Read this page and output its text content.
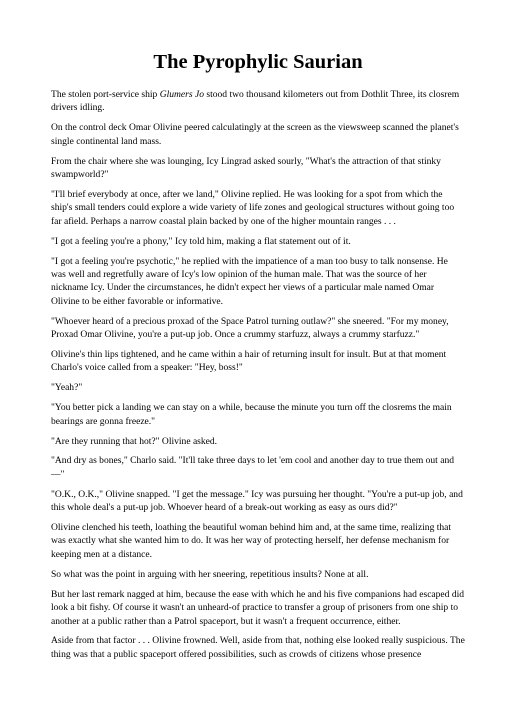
The Pyrophylic Saurian

The stolen port-service ship Glumers Jo stood two thousand kilometers out from Dothlit Three, its closrem drivers idling.

On the control deck Omar Olivine peered calculatingly at the screen as the viewsweep scanned the planet's single continental land mass.

From the chair where she was lounging, Icy Lingrad asked sourly, "What's the attraction of that stinky swampworld?"

"I'll brief everybody at once, after we land," Olivine replied. He was looking for a spot from which the ship's small tenders could explore a wide variety of life zones and geological structures without going too far afield. Perhaps a narrow coastal plain backed by one of the higher mountain ranges . . .

"I got a feeling you're a phony," Icy told him, making a flat statement out of it.

"I got a feeling you're psychotic," he replied with the impatience of a man too busy to talk nonsense. He was well and regretfully aware of Icy's low opinion of the human male. That was the source of her nickname Icy. Under the circumstances, he didn't expect her views of a particular male named Omar Olivine to be either favorable or informative.

"Whoever heard of a precious proxad of the Space Patrol turning outlaw?" she sneered. "For my money, Proxad Omar Olivine, you're a put-up job. Once a crummy starfuzz, always a crummy starfuzz."

Olivine's thin lips tightened, and he came within a hair of returning insult for insult. But at that moment Charlo's voice called from a speaker: "Hey, boss!"

"Yeah?"

"You better pick a landing we can stay on a while, because the minute you turn off the closrems the main bearings are gonna freeze."

"Are they running that hot?" Olivine asked.

"And dry as bones," Charlo said. "It'll take three days to let 'em cool and another day to true them out and—"

"O.K., O.K.," Olivine snapped. "I get the message." Icy was pursuing her thought. "You're a put-up job, and this whole deal's a put-up job. Whoever heard of a break-out working as easy as ours did?"

Olivine clenched his teeth, loathing the beautiful woman behind him and, at the same time, realizing that was exactly what she wanted him to do. It was her way of protecting herself, her defense mechanism for keeping men at a distance.

So what was the point in arguing with her sneering, repetitious insults? None at all.

But her last remark nagged at him, because the ease with which he and his five companions had escaped did look a bit fishy. Of course it wasn't an unheard-of practice to transfer a group of prisoners from one ship to another at a public rather than a Patrol spaceport, but it wasn't a frequent occurrence, either.

Aside from that factor . . . Olivine frowned. Well, aside from that, nothing else looked really suspicious. The thing was that a public spaceport offered possibilities, such as crowds of citizens whose presence
